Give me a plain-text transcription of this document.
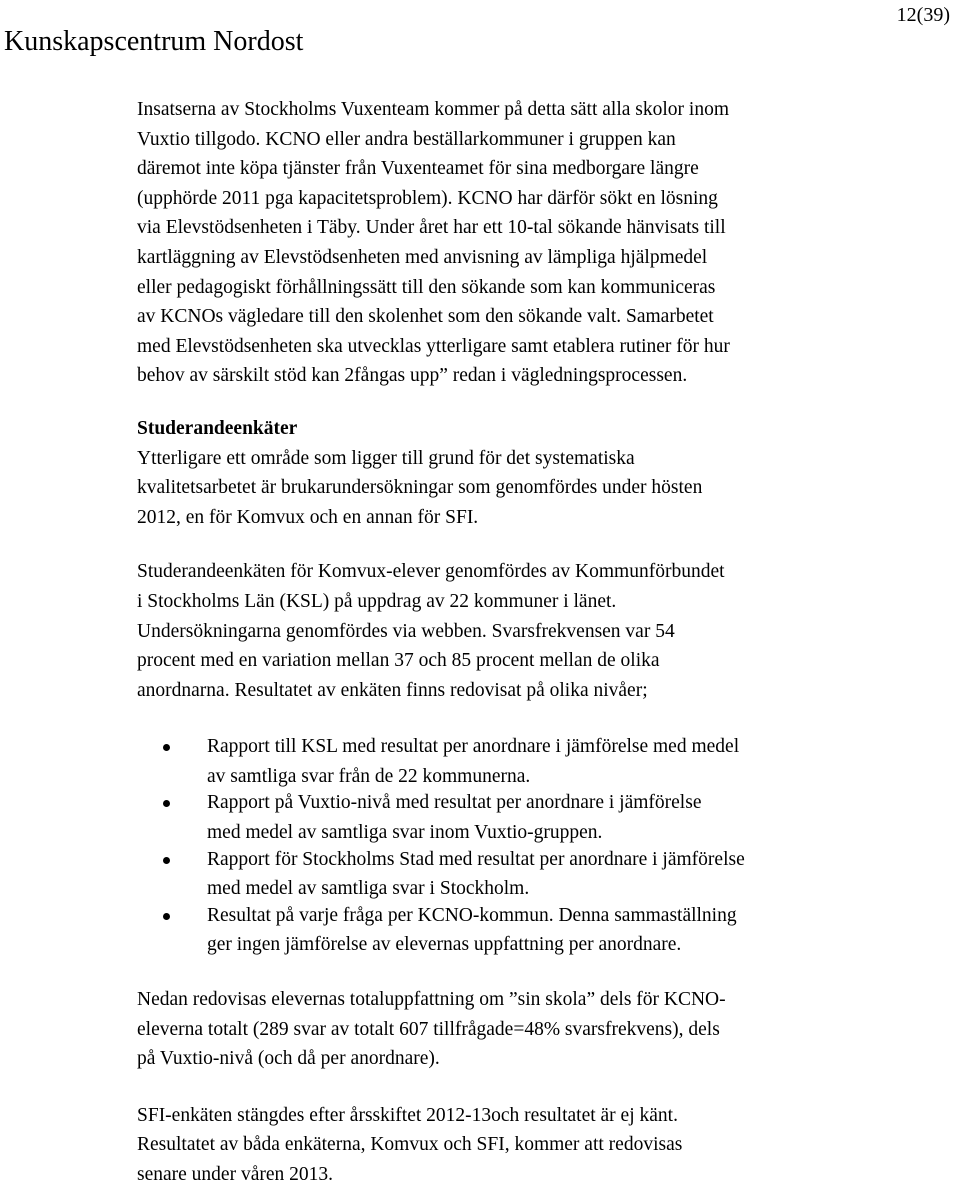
Kunskapscentrum Nordost
12(39)

Insatserna av Stockholms Vuxenteam kommer på detta sätt alla skolor inom

Vuxtio tillgodo. KCNO eller andra beställarkommuner i gruppen kan

däremot inte köpa tjänster från Vuxenteamet för sina medborgare längre

(upphörde 2011 pga kapacitetsproblem). KCNO har därför sökt en lösning

via Elevstödsenheten i Täby. Under året har ett 10-tal sökande hänvisats till

kartläggning av Elevstödsenheten med anvisning av lämpliga hjälpmedel

eller pedagogiskt förhållningssätt till den sökande som kan kommuniceras

av KCNOs vägledare till den skolenhet som den sökande valt. Samarbetet

med Elevstödsenheten ska utvecklas ytterligare samt etablera rutiner för hur

behov av särskilt stöd kan 2fångas upp” redan i vägledningsprocessen.

Studerandeenkäter

Ytterligare ett område som ligger till grund för det systematiska

kvalitetsarbetet är brukarundersökningar som genomfördes under hösten

2012, en för Komvux och en annan för SFI.

Studerandeenkäten för Komvux-elever genomfördes av Kommunförbundet

i Stockholms Län (KSL) på uppdrag av 22 kommuner i länet.

Undersökningarna genomfördes via webben. Svarsfrekvensen var 54

procent med en variation mellan 37 och 85 procent mellan de olika

anordnarna. Resultatet av enkäten finns redovisat på olika nivåer;

Rapport till KSL med resultat per anordnare i jämförelse med medel

av samtliga svar från de 22 kommunerna.

Rapport på Vuxtio-nivå med resultat per anordnare i jämförelse

med medel av samtliga svar inom Vuxtio-gruppen.

Rapport för Stockholms Stad med resultat per anordnare i jämförelse

med medel av samtliga svar i Stockholm.

Resultat på varje fråga per KCNO-kommun. Denna sammaställning

ger ingen jämförelse av elevernas uppfattning per anordnare.

Nedan redovisas elevernas totaluppfattning om ”sin skola” dels för KCNO-

eleverna totalt (289 svar av totalt 607 tillfrågade=48% svarsfrekvens), dels

på Vuxtio-nivå (och då per anordnare).

SFI-enkäten stängdes efter årsskiftet 2012-13och resultatet är ej känt.

Resultatet av båda enkäterna, Komvux och SFI, kommer att redovisas

senare under våren 2013.
